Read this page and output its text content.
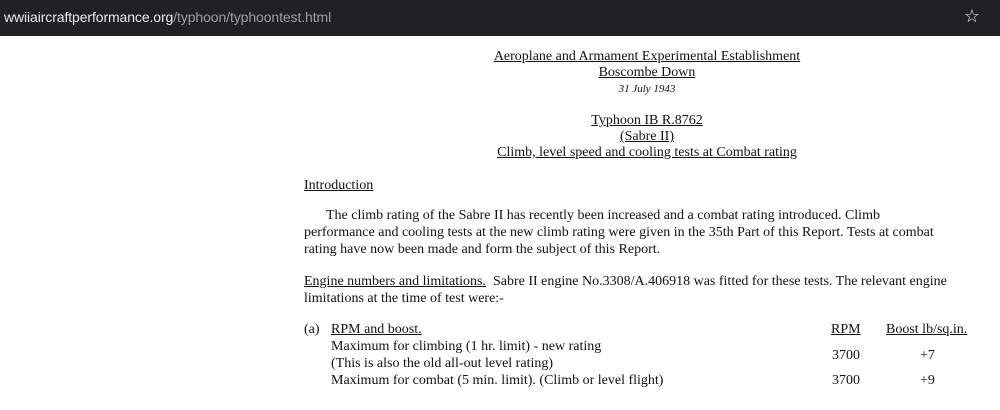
wwiiaircraftperformance.org/typhoon/typhoontest.html	☆
Aeroplane and Armament Experimental Establishment
Boscombe Down
31 July 1943
Typhoon IB R.8762
(Sabre II)
Climb, level speed and cooling tests at Combat rating
Introduction
The climb rating of the Sabre II has recently been increased and a combat rating introduced. Climb
performance and cooling tests at the new climb rating were given in the 35th Part of this Report. Tests at combat
rating have now been made and form the subject of this Report.
Engine numbers and limitations. Sabre II engine No.3308/A.406918 was fitted for these tests. The relevant engine
limitations at the time of test were:-
(a) RPM and boost.	RPM Boost lb/sq.in.
Maximum for climbing (1 hr. limit) - new rating
(This is also the old all-out level rating)
3700	+7
Maximum for combat (5 min. limit). (Climb or level flight)	3700	+9
